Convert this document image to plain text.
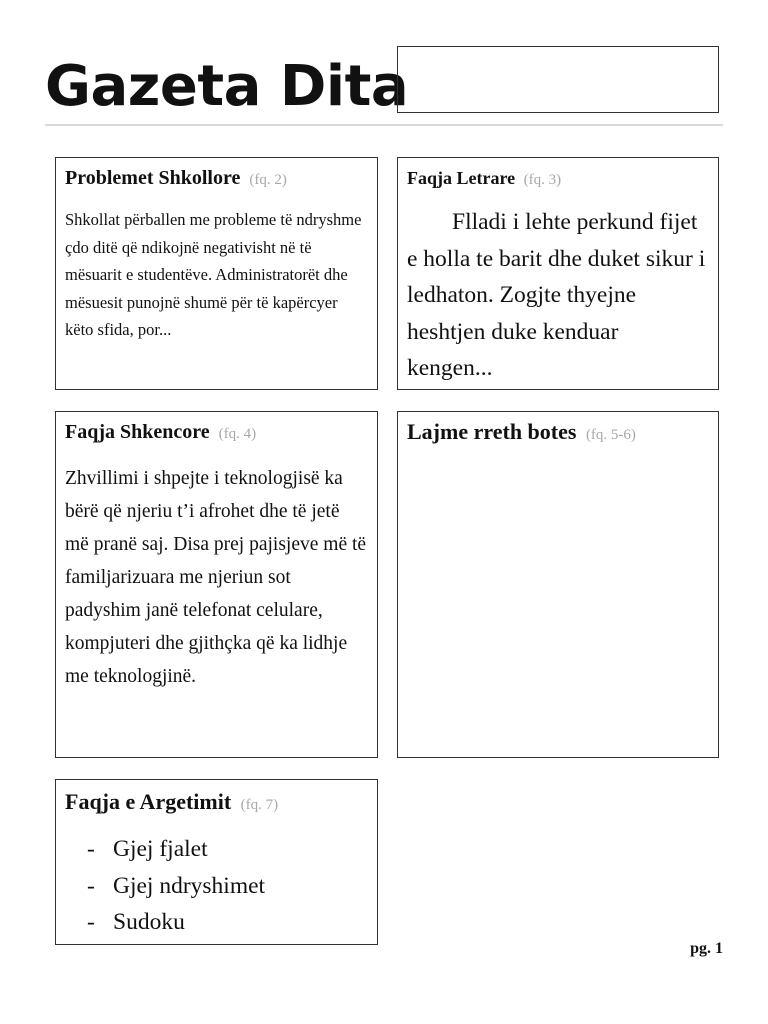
Gazeta Dita
Problemet Shkollore (fq. 2)

Shkollat përballen me probleme të ndryshme çdo ditë që ndikojnë negativisht në të mësuarit e studentëve. Administratorët dhe mësuesit punojnë shumë për të kapërcyer këto sfida, por...

Faqja Letrare (fq. 3)

Flladi i lehte perkund fijet e holla te barit dhe duket sikur i ledhaton. Zogjte thyejne heshtjen duke kenduar kengen...

Faqja Shkencore (fq. 4)

Zhvillimi i shpejte i teknologjisë ka bërë që njeriu t’i afrohet dhe të jetë më pranë saj. Disa prej pajisjeve më të familjarizuara me njeriun sot padyshim janë telefonat celulare, kompjuteri dhe gjithçka që ka lidhje me teknologjinë.

Lajme rreth botes (fq. 5-6)
Faqja e Argetimit (fq. 7)
- Gjej fjalet
- Gjej ndryshimet
- Sudoku
pg. 1
